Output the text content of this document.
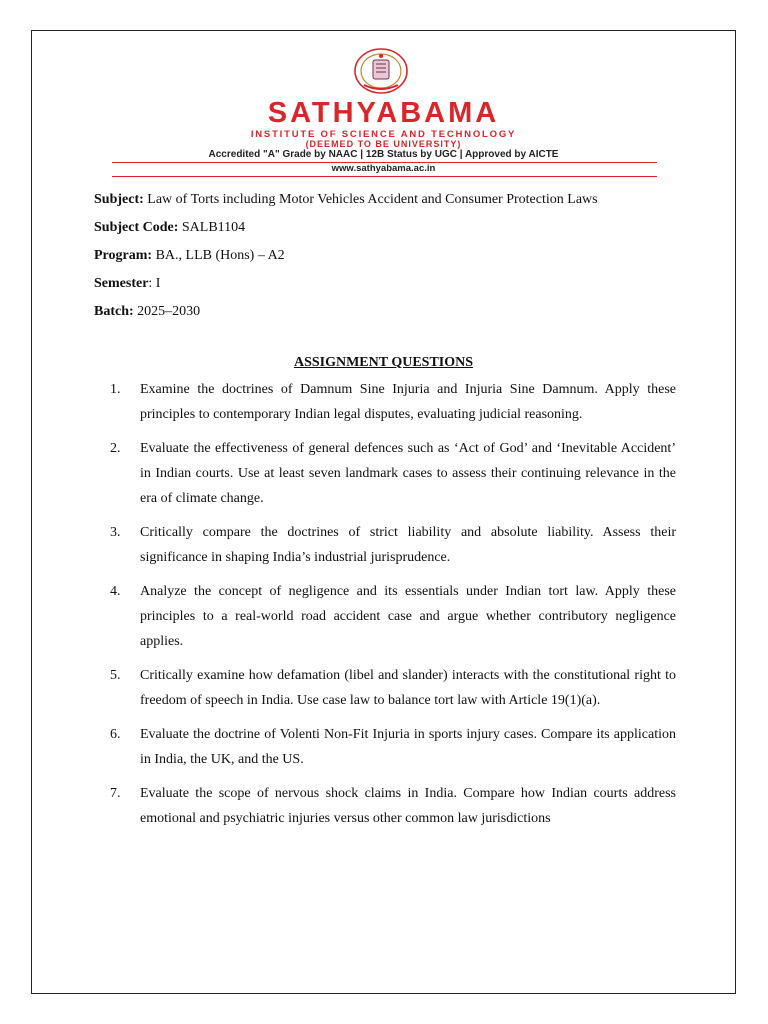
SATHYABAMA
INSTITUTE OF SCIENCE AND TECHNOLOGY
(DEEMED TO BE UNIVERSITY)
Accredited "A" Grade by NAAC | 12B Status by UGC | Approved by AICTE
www.sathyabama.ac.in
Subject: Law of Torts including Motor Vehicles Accident and Consumer Protection Laws
Subject Code: SALB1104
Program: BA., LLB (Hons) – A2
Semester: I
Batch: 2025–2030
ASSIGNMENT QUESTIONS
1.	Examine the doctrines of Damnum Sine Injuria and Injuria Sine Damnum. Apply these principles to contemporary Indian legal disputes, evaluating judicial reasoning.
2.	Evaluate the effectiveness of general defences such as ‘Act of God’ and ‘Inevitable Accident’ in Indian courts. Use at least seven landmark cases to assess their continuing relevance in the era of climate change.
3.	Critically compare the doctrines of strict liability and absolute liability. Assess their significance in shaping India’s industrial jurisprudence.
4.	Analyze the concept of negligence and its essentials under Indian tort law. Apply these principles to a real-world road accident case and argue whether contributory negligence applies.
5.	Critically examine how defamation (libel and slander) interacts with the constitutional right to freedom of speech in India. Use case law to balance tort law with Article 19(1)(a).
6.	Evaluate the doctrine of Volenti Non-Fit Injuria in sports injury cases. Compare its application in India, the UK, and the US.
7.	Evaluate the scope of nervous shock claims in India. Compare how Indian courts address emotional and psychiatric injuries versus other common law jurisdictions
